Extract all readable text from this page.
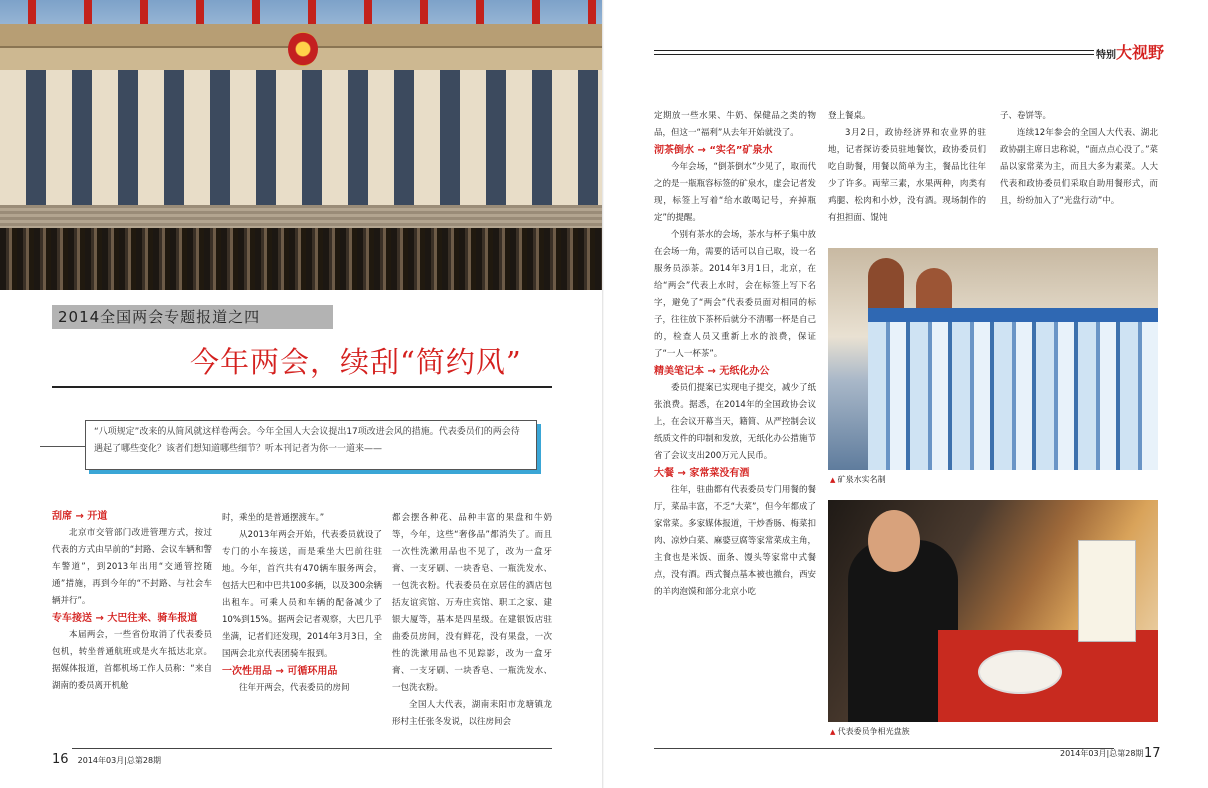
2014全国两会专题报道之四
今年两会，续刮“简约风”
“八项规定”改来的从简风就这样卷两会。今年全国人大会议提出17项改进会风的措施。代表委员们的两会待遇起了哪些变化？该者们想知道哪些细节？听本刊记者为你一一道来——

刮席 → 开道

北京市交管部门改进管理方式，按过代表的方式由早前的“封路、会议车辆和警车警道”，到2013年出用“交通管控随通”措施，再到今年的“不封路、与社会车辆并行”。

专车接送 → 大巴往来、骑车报道

本届两会，一些省份取消了代表委员包机，转坐普通航班或是火车抵达北京。据媒体报道，首都机场工作人员称：“来自湖南的委员离开机舱

时，乘坐的是普通摆渡车。”

从2013年两会开始，代表委员就设了专门的小车接送，而是乘坐大巴前往驻地。今年，首汽共有470辆车服务两会，包括大巴和中巴共100多辆，以及300余辆出租车。可乘人员和车辆的配备减少了10%到15%。据两会记者观察，大巴几乎坐满，记者们还发现，2014年3月3日，全国两会北京代表团骑车报到。

一次性用品 → 可循环用品

往年开两会，代表委员的房间

都会摆各种花、品种丰富的果盘和牛奶等，今年，这些“奢侈品”都消失了。而且一次性洗漱用品也不见了，改为一盒牙膏、一支牙刷、一块香皂、一瓶洗发水、一包洗衣粉。代表委员在京居住的酒店包括友谊宾馆、万寿庄宾馆、职工之家、建银大厦等，基本是四星级。在建银饭店驻曲委员房间，没有鲜花，没有果盘，一次性的洗漱用品也不见踪影，改为一盒牙膏、一支牙刷、一块香皂、一瓶洗发水、一包洗衣粉。

全国人大代表，湖南耒阳市龙塘镇龙形村主任张冬发说，以往房间会

16 2014年03月|总第28期
特别大视野

定期放一些水果、牛奶、保健品之类的物品，但这一“福利”从去年开始就没了。

沏茶倒水 → “实名”矿泉水

今年会场，“倒茶倒水”少见了，取而代之的是一瓶瓶容标签的矿泉水，虚会记者发现，标签上写着“给水敢喝记号，弃掉瓶定”的提醒。

个别有茶水的会场，茶水与杯子集中放在会场一角，需要的话可以自己取，设一名服务员添茶。2014年3月1日，北京，在给“两会”代表上水时，会在标签上写下名字，避免了“两会”代表委员面对相同的标子，往往放下茶杯后就分不清哪一杯是自己的，检查人员又重新上水的浪费，保证了“一人一杯茶”。

精美笔记本 → 无纸化办公

委员们提案已实现电子提交，减少了纸张浪费。据悉，在2014年的全国政协会议上，在会议开幕当天，籍简、从严控制会议纸质文件的印制和发放，无纸化办公措施节省了会议支出200万元人民币。

大餐 → 家常菜没有酒

往年，驻曲都有代表委员专门用餐的餐厅，菜品丰富，不乏“大菜”，但今年都成了家常菜。多家媒体报道，干炒香肠、梅菜扣肉、凉炒白菜、麻婆豆腐等家常菜成主角，主食也是米饭、面条、馒头等家常中式餐点，没有酒。西式餐点基本被也撤台，西安的羊肉泡馍和部分北京小吃

登上餐桌。

3月2日，政协经济界和农业界的驻地，记者探访委员驻地餐饮，政协委员们吃自助餐，用餐以简单为主，餐品比往年少了许多。両荤三素，水果两种，肉类有鸡腿、松肉和小炒，没有酒。现场制作的有担担面、馄饨

子、卷饼等。

连续12年参会的全国人大代表、湖北政协副主席日忠称说，“面点点心没了。”菜品以家常菜为主，而且大多为素菜。人大代表和政协委员们采取自助用餐形式，而且，纷纷加入了“光盘行动”中。

▲ 矿泉水实名制
▲ 代表委员争相光盘族
2014年03月|总第28期 17
